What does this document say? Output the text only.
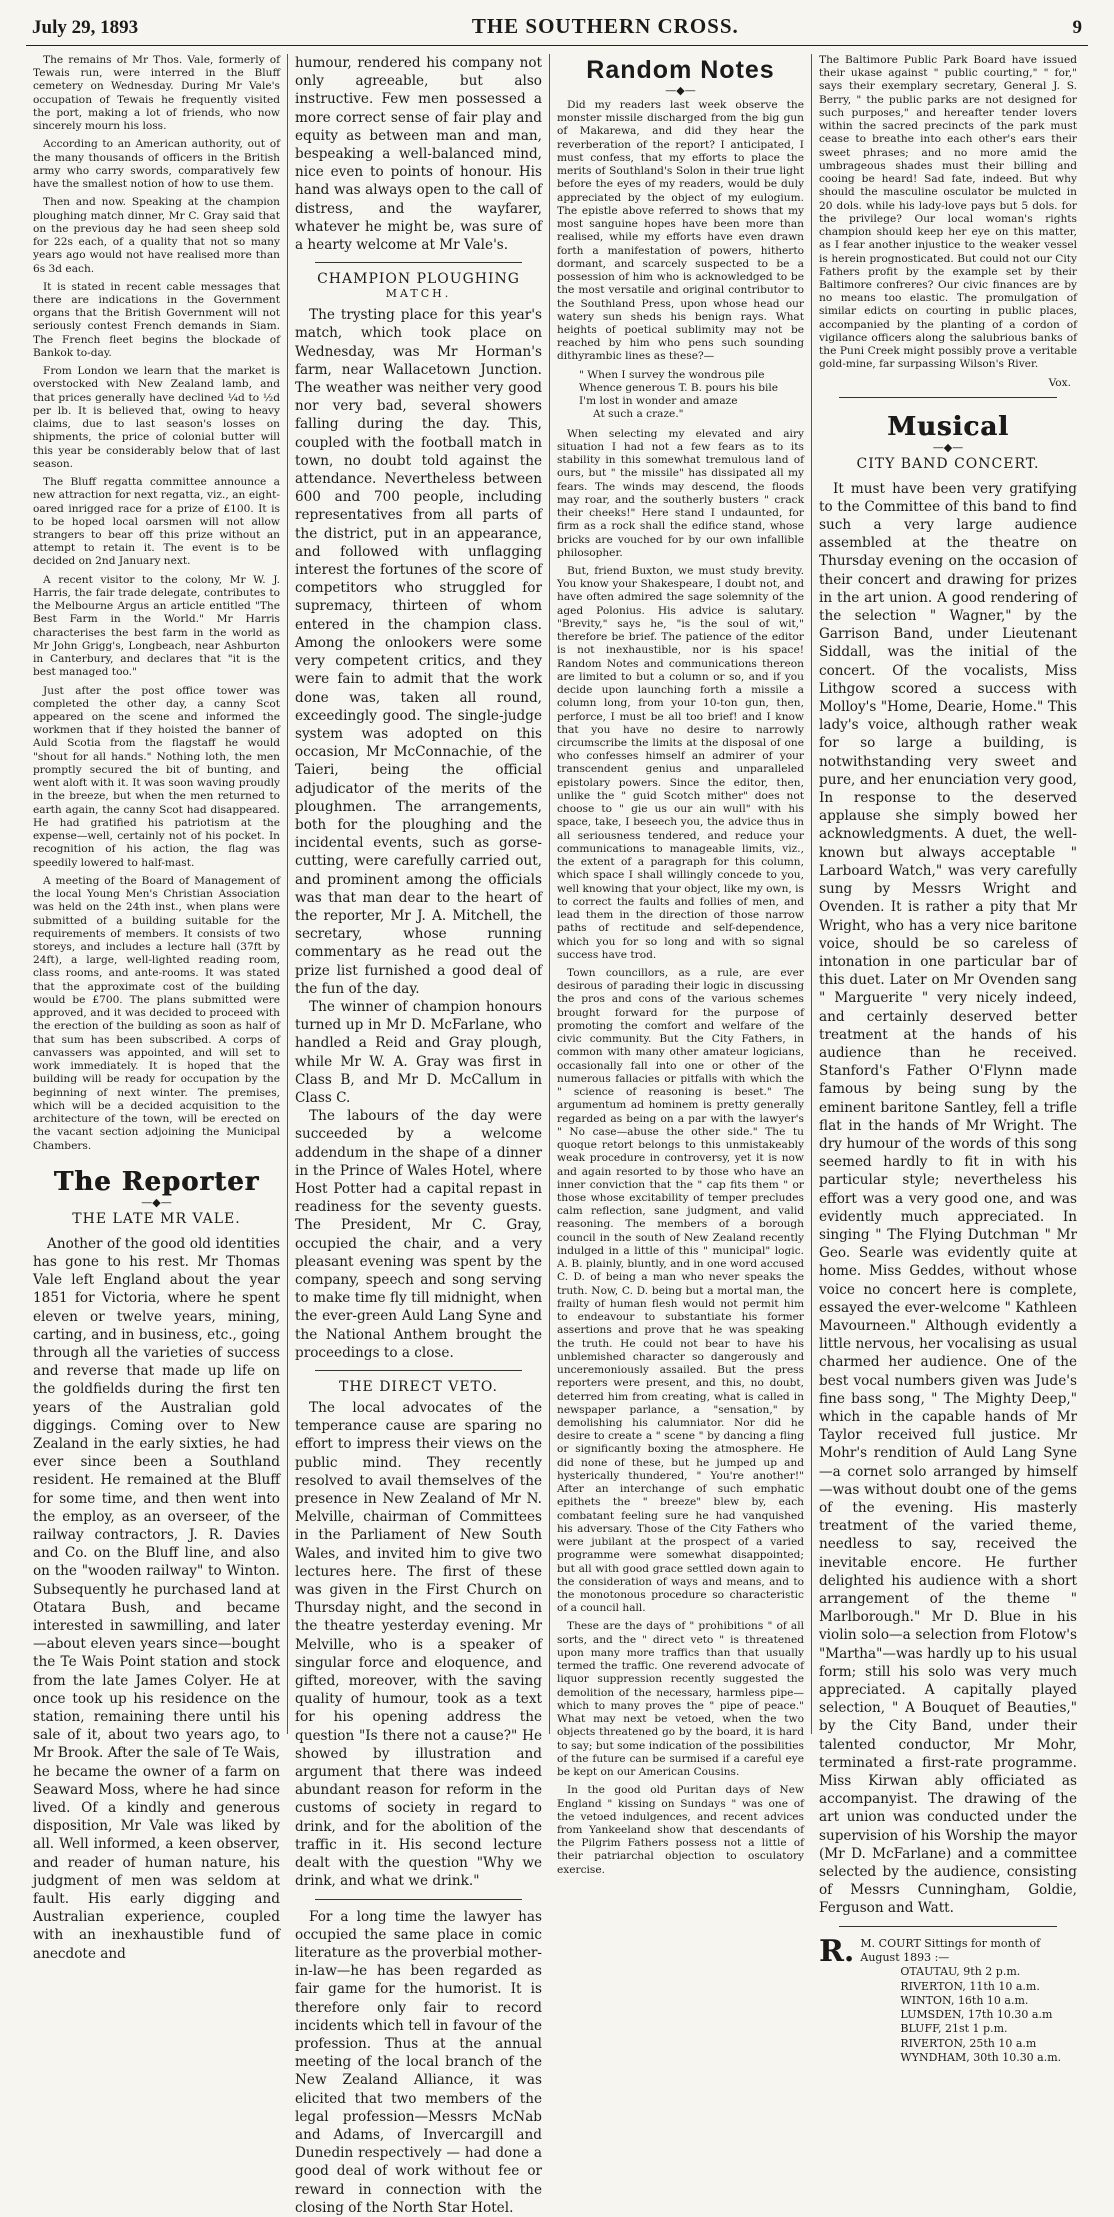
July 29, 1893	THE SOUTHERN CROSS.	9

The remains of Mr Thos. Vale, formerly of Tewais run, were interred in the Bluff cemetery on Wednesday. During Mr Vale's occupation of Tewais he frequently visited the port, making a lot of friends, who now sincerely mourn his loss.

According to an American authority, out of the many thousands of officers in the British army who carry swords, comparatively few have the smallest notion of how to use them.

Then and now. Speaking at the champion ploughing match dinner, Mr C. Gray said that on the previous day he had seen sheep sold for 22s each, of a quality that not so many years ago would not have realised more than 6s 3d each.

It is stated in recent cable messages that there are indications in the Government organs that the British Government will not seriously contest French demands in Siam. The French fleet begins the blockade of Bankok to-day.

From London we learn that the market is overstocked with New Zealand lamb, and that prices generally have declined ¼d to ½d per lb. It is believed that, owing to heavy claims, due to last season's losses on shipments, the price of colonial butter will this year be considerably below that of last season.

The Bluff regatta committee announce a new attraction for next regatta, viz., an eight-oared inrigged race for a prize of £100. It is to be hoped local oarsmen will not allow strangers to bear off this prize without an attempt to retain it. The event is to be decided on 2nd January next.

A recent visitor to the colony, Mr W. J. Harris, the fair trade delegate, contributes to the Melbourne Argus an article entitled "The Best Farm in the World." Mr Harris characterises the best farm in the world as Mr John Grigg's, Longbeach, near Ashburton in Canterbury, and declares that "it is the best managed too."

Just after the post office tower was completed the other day, a canny Scot appeared on the scene and informed the workmen that if they hoisted the banner of Auld Scotia from the flagstaff he would "shout for all hands." Nothing loth, the men promptly secured the bit of bunting, and went aloft with it. It was soon waving proudly in the breeze, but when the men returned to earth again, the canny Scot had disappeared. He had gratified his patriotism at the expense—well, certainly not of his pocket. In recognition of his action, the flag was speedily lowered to half-mast.

A meeting of the Board of Management of the local Young Men's Christian Association was held on the 24th inst., when plans were submitted of a building suitable for the requirements of members. It consists of two storeys, and includes a lecture hall (37ft by 24ft), a large, well-lighted reading room, class rooms, and ante-rooms. It was stated that the approximate cost of the building would be £700. The plans submitted were approved, and it was decided to proceed with the erection of the building as soon as half of that sum has been subscribed. A corps of canvassers was appointed, and will set to work immediately. It is hoped that the building will be ready for occupation by the beginning of next winter. The premises, which will be a decided acquisition to the architecture of the town, will be erected on the vacant section adjoining the Municipal Chambers.

The Reporter
—◆—
THE LATE MR VALE.

Another of the good old identities has gone to his rest. Mr Thomas Vale left England about the year 1851 for Victoria, where he spent eleven or twelve years, mining, carting, and in business, etc., going through all the varieties of success and reverse that made up life on the goldfields during the first ten years of the Australian gold diggings. Coming over to New Zealand in the early sixties, he had ever since been a Southland resident. He remained at the Bluff for some time, and then went into the employ, as an overseer, of the railway contractors, J. R. Davies and Co. on the Bluff line, and also on the "wooden railway" to Winton. Subsequently he purchased land at Otatara Bush, and became interested in sawmilling, and later—about eleven years since—bought the Te Wais Point station and stock from the late James Colyer. He at once took up his residence on the station, remaining there until his sale of it, about two years ago, to Mr Brook. After the sale of Te Wais, he became the owner of a farm on Seaward Moss, where he had since lived. Of a kindly and generous disposition, Mr Vale was liked by all. Well informed, a keen observer, and reader of human nature, his judgment of men was seldom at fault. His early digging and Australian experience, coupled with an inexhaustible fund of anecdote and

humour, rendered his company not only agreeable, but also instructive. Few men possessed a more correct sense of fair play and equity as between man and man, bespeaking a well-balanced mind, nice even to points of honour. His hand was always open to the call of distress, and the wayfarer, whatever he might be, was sure of a hearty welcome at Mr Vale's.

CHAMPION PLOUGHING
MATCH.

The trysting place for this year's match, which took place on Wednesday, was Mr Horman's farm, near Wallacetown Junction. The weather was neither very good nor very bad, several showers falling during the day. This, coupled with the football match in town, no doubt told against the attendance. Nevertheless between 600 and 700 people, including representatives from all parts of the district, put in an appearance, and followed with unflagging interest the fortunes of the score of competitors who struggled for supremacy, thirteen of whom entered in the champion class. Among the onlookers were some very competent critics, and they were fain to admit that the work done was, taken all round, exceedingly good. The single-judge system was adopted on this occasion, Mr McConnachie, of the Taieri, being the official adjudicator of the merits of the ploughmen. The arrangements, both for the ploughing and the incidental events, such as gorse-cutting, were carefully carried out, and prominent among the officials was that man dear to the heart of the reporter, Mr J. A. Mitchell, the secretary, whose running commentary as he read out the prize list furnished a good deal of the fun of the day.

The winner of champion honours turned up in Mr D. McFarlane, who handled a Reid and Gray plough, while Mr W. A. Gray was first in Class B, and Mr D. McCallum in Class C.

The labours of the day were succeeded by a welcome addendum in the shape of a dinner in the Prince of Wales Hotel, where Host Potter had a capital repast in readiness for the seventy guests. The President, Mr C. Gray, occupied the chair, and a very pleasant evening was spent by the company, speech and song serving to make time fly till midnight, when the ever-green Auld Lang Syne and the National Anthem brought the proceedings to a close.

THE DIRECT VETO.

The local advocates of the temperance cause are sparing no effort to impress their views on the public mind. They recently resolved to avail themselves of the presence in New Zealand of Mr N. Melville, chairman of Committees in the Parliament of New South Wales, and invited him to give two lectures here. The first of these was given in the First Church on Thursday night, and the second in the theatre yesterday evening. Mr Melville, who is a speaker of singular force and eloquence, and gifted, moreover, with the saving quality of humour, took as a text for his opening address the question "Is there not a cause?" He showed by illustration and argument that there was indeed abundant reason for reform in the customs of society in regard to drink, and for the abolition of the traffic in it. His second lecture dealt with the question "Why we drink, and what we drink."

For a long time the lawyer has occupied the same place in comic literature as the proverbial mother-in-law—he has been regarded as fair game for the humorist. It is therefore only fair to record incidents which tell in favour of the profession. Thus at the annual meeting of the local branch of the New Zealand Alliance, it was elicited that two members of the legal profession—Messrs McNab and Adams, of Invercargill and Dunedin respectively — had done a good deal of work without fee or reward in connection with the closing of the North Star Hotel.

Random Notes
—◆—

Did my readers last week observe the monster missile discharged from the big gun of Makarewa, and did they hear the reverberation of the report? I anticipated, I must confess, that my efforts to place the merits of Southland's Solon in their true light before the eyes of my readers, would be duly appreciated by the object of my eulogium. The epistle above referred to shows that my most sanguine hopes have been more than realised, while my efforts have even drawn forth a manifestation of powers, hitherto dormant, and scarcely suspected to be a possession of him who is acknowledged to be the most versatile and original contributor to the Southland Press, upon whose head our watery sun sheds his benign rays. What heights of poetical sublimity may not be reached by him who pens such sounding dithyrambic lines as these?—

" When I survey the wondrous pile
Whence generous T. B. pours his bile
I'm lost in wonder and amaze
At such a craze."

When selecting my elevated and airy situation I had not a few fears as to its stability in this somewhat tremulous land of ours, but " the missile" has dissipated all my fears. The winds may descend, the floods may roar, and the southerly busters " crack their cheeks!" Here stand I undaunted, for firm as a rock shall the edifice stand, whose bricks are vouched for by our own infallible philosopher.

But, friend Buxton, we must study brevity. You know your Shakespeare, I doubt not, and have often admired the sage solemnity of the aged Polonius. His advice is salutary. "Brevity," says he, "is the soul of wit," therefore be brief. The patience of the editor is not inexhaustible, nor is his space! Random Notes and communications thereon are limited to but a column or so, and if you decide upon launching forth a missile a column long, from your 10-ton gun, then, perforce, I must be all too brief! and I know that you have no desire to narrowly circumscribe the limits at the disposal of one who confesses himself an admirer of your transcendent genius and unparalleled epistolary powers. Since the editor, then, unlike the " guid Scotch mither" does not choose to " gie us our ain wull" with his space, take, I beseech you, the advice thus in all seriousness tendered, and reduce your communications to manageable limits, viz., the extent of a paragraph for this column, which space I shall willingly concede to you, well knowing that your object, like my own, is to correct the faults and follies of men, and lead them in the direction of those narrow paths of rectitude and self-dependence, which you for so long and with so signal success have trod.

Town councillors, as a rule, are ever desirous of parading their logic in discussing the pros and cons of the various schemes brought forward for the purpose of promoting the comfort and welfare of the civic community. But the City Fathers, in common with many other amateur logicians, occasionally fall into one or other of the numerous fallacies or pitfalls with which the " science of reasoning is beset." The argumentum ad hominem is pretty generally regarded as being on a par with the lawyer's " No case—abuse the other side." The tu quoque retort belongs to this unmistakeably weak procedure in controversy, yet it is now and again resorted to by those who have an inner conviction that the " cap fits them " or those whose excitability of temper precludes calm reflection, sane judgment, and valid reasoning. The members of a borough council in the south of New Zealand recently indulged in a little of this " municipal" logic. A. B. plainly, bluntly, and in one word accused C. D. of being a man who never speaks the truth. Now, C. D. being but a mortal man, the frailty of human flesh would not permit him to endeavour to substantiate his former assertions and prove that he was speaking the truth. He could not bear to have his unblemished character so dangerously and unceremoniously assailed. But the press reporters were present, and this, no doubt, deterred him from creating, what is called in newspaper parlance, a "sensation," by demolishing his calumniator. Nor did he desire to create a " scene " by dancing a fling or significantly boxing the atmosphere. He did none of these, but he jumped up and hysterically thundered, " You're another!" After an interchange of such emphatic epithets the " breeze" blew by, each combatant feeling sure he had vanquished his adversary. Those of the City Fathers who were jubilant at the prospect of a varied programme were somewhat disappointed; but all with good grace settled down again to the consideration of ways and means, and to the monotonous procedure so characteristic of a council hall.

These are the days of " prohibitions " of all sorts, and the " direct veto " is threatened upon many more traffics than that usually termed the traffic. One reverend advocate of liquor suppression recently suggested the demolition of the necessary, harmless pipe—which to many proves the " pipe of peace." What may next be vetoed, when the two objects threatened go by the board, it is hard to say; but some indication of the possibilities of the future can be surmised if a careful eye be kept on our American Cousins.

In the good old Puritan days of New England " kissing on Sundays " was one of the vetoed indulgences, and recent advices from Yankeeland show that descendants of the Pilgrim Fathers possess not a little of their patriarchal objection to osculatory exercise.

The Baltimore Public Park Board have issued their ukase against " public courting," " for," says their exemplary secretary, General J. S. Berry, " the public parks are not designed for such purposes," and hereafter tender lovers within the sacred precincts of the park must cease to breathe into each other's ears their sweet phrases; and no more amid the umbrageous shades must their billing and cooing be heard! Sad fate, indeed. But why should the masculine osculator be mulcted in 20 dols. while his lady-love pays but 5 dols. for the privilege? Our local woman's rights champion should keep her eye on this matter, as I fear another injustice to the weaker vessel is herein prognosticated. But could not our City Fathers profit by the example set by their Baltimore confreres? Our civic finances are by no means too elastic. The promulgation of similar edicts on courting in public places, accompanied by the planting of a cordon of vigilance officers along the salubrious banks of the Puni Creek might possibly prove a veritable gold-mine, far surpassing Wilson's River.

Vox.
Musical
—◆—
CITY BAND CONCERT.

It must have been very gratifying to the Committee of this band to find such a very large audience assembled at the theatre on Thursday evening on the occasion of their concert and drawing for prizes in the art union. A good rendering of the selection " Wagner," by the Garrison Band, under Lieutenant Siddall, was the initial of the concert. Of the vocalists, Miss Lithgow scored a success with Molloy's "Home, Dearie, Home." This lady's voice, although rather weak for so large a building, is notwithstanding very sweet and pure, and her enunciation very good, In response to the deserved applause she simply bowed her acknowledgments. A duet, the well-known but always acceptable " Larboard Watch," was very carefully sung by Messrs Wright and Ovenden. It is rather a pity that Mr Wright, who has a very nice baritone voice, should be so careless of intonation in one particular bar of this duet. Later on Mr Ovenden sang " Marguerite " very nicely indeed, and certainly deserved better treatment at the hands of his audience than he received. Stanford's Father O'Flynn made famous by being sung by the eminent baritone Santley, fell a trifle flat in the hands of Mr Wright. The dry humour of the words of this song seemed hardly to fit in with his particular style; nevertheless his effort was a very good one, and was evidently much appreciated. In singing " The Flying Dutchman " Mr Geo. Searle was evidently quite at home. Miss Geddes, without whose voice no concert here is complete, essayed the ever-welcome " Kathleen Mavourneen." Although evidently a little nervous, her vocalising as usual charmed her audience. One of the best vocal numbers given was Jude's fine bass song, " The Mighty Deep," which in the capable hands of Mr Taylor received full justice. Mr Mohr's rendition of Auld Lang Syne —a cornet solo arranged by himself —was without doubt one of the gems of the evening. His masterly treatment of the varied theme, needless to say, received the inevitable encore. He further delighted his audience with a short arrangement of the theme " Marlborough." Mr D. Blue in his violin solo—a selection from Flotow's "Martha"—was hardly up to his usual form; still his solo was very much appreciated. A capitally played selection, " A Bouquet of Beauties," by the City Band, under their talented conductor, Mr Mohr, terminated a first-rate programme. Miss Kirwan ably officiated as accompanyist. The drawing of the art union was conducted under the supervision of his Worship the mayor (Mr D. McFarlane) and a committee selected by the audience, consisting of Messrs Cunningham, Goldie, Ferguson and Watt.

R. M. COURT Sittings for month of August 1893 :—
OTAUTAU, 9th 2 p.m.
RIVERTON, 11th 10 a.m.
WINTON, 16th 10 a.m.
LUMSDEN, 17th 10.30 a.m
BLUFF, 21st 1 p.m.
RIVERTON, 25th 10 a.m
WYNDHAM, 30th 10.30 a.m.
